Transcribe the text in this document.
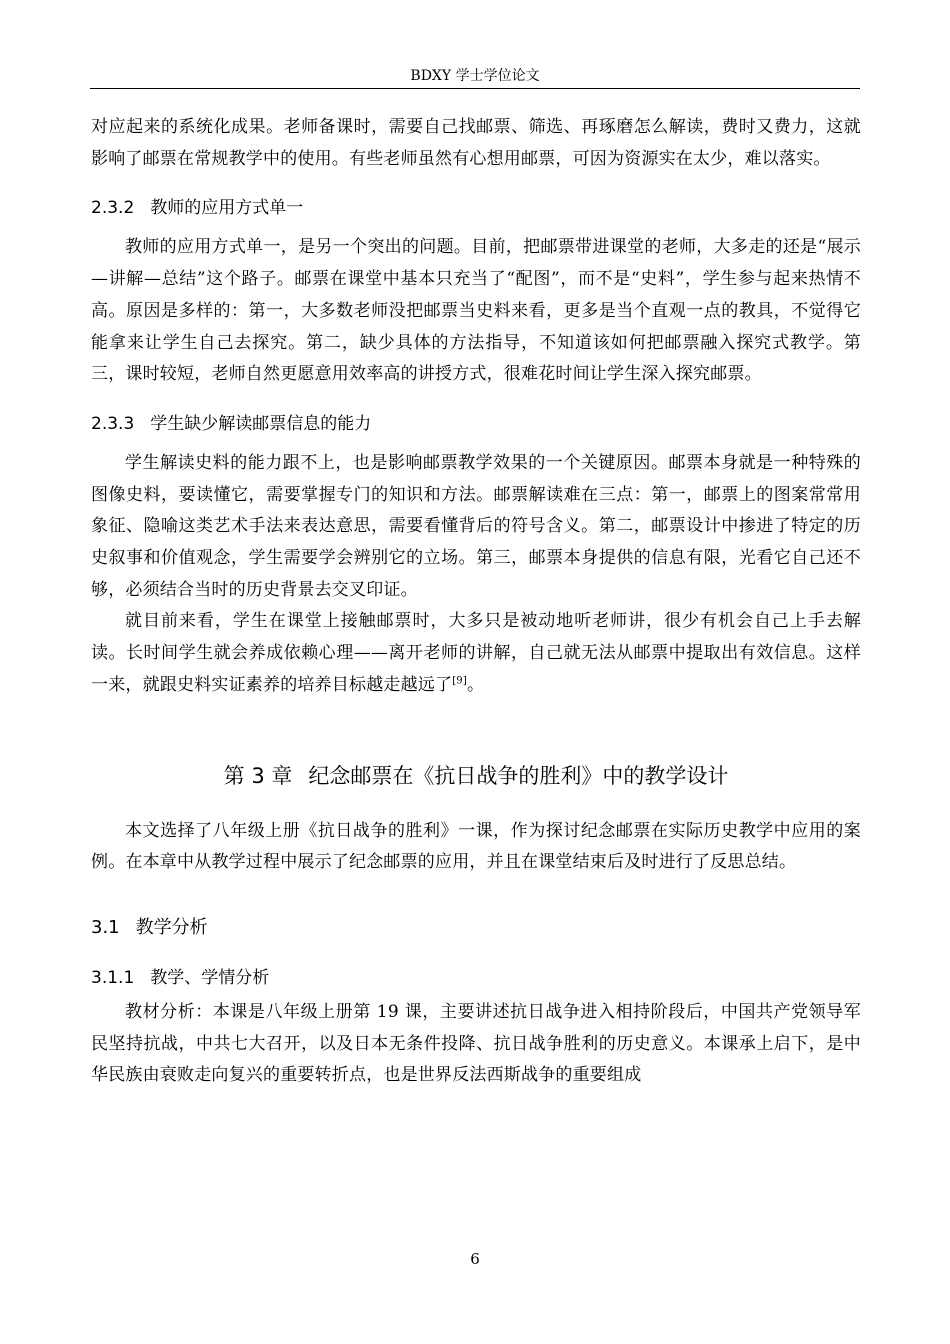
BDXY 学士学位论文

对应起来的系统化成果。老师备课时，需要自己找邮票、筛选、再琢磨怎么解读，费时又费力，这就影响了邮票在常规教学中的使用。有些老师虽然有心想用邮票，可因为资源实在太少，难以落实。

2.3.2 教师的应用方式单一

教师的应用方式单一，是另一个突出的问题。目前，把邮票带进课堂的老师，大多走的还是“展示—讲解—总结”这个路子。邮票在课堂中基本只充当了“配图”，而不是“史料”，学生参与起来热情不高。原因是多样的：第一，大多数老师没把邮票当史料来看，更多是当个直观一点的教具，不觉得它能拿来让学生自己去探究。第二，缺少具体的方法指导，不知道该如何把邮票融入探究式教学。第三，课时较短，老师自然更愿意用效率高的讲授方式，很难花时间让学生深入探究邮票。

2.3.3 学生缺少解读邮票信息的能力

学生解读史料的能力跟不上，也是影响邮票教学效果的一个关键原因。邮票本身就是一种特殊的图像史料，要读懂它，需要掌握专门的知识和方法。邮票解读难在三点：第一，邮票上的图案常常用象征、隐喻这类艺术手法来表达意思，需要看懂背后的符号含义。第二，邮票设计中掺进了特定的历史叙事和价值观念，学生需要学会辨别它的立场。第三，邮票本身提供的信息有限，光看它自己还不够，必须结合当时的历史背景去交叉印证。

就目前来看，学生在课堂上接触邮票时，大多只是被动地听老师讲，很少有机会自己上手去解读。长时间学生就会养成依赖心理——离开老师的讲解，自己就无法从邮票中提取出有效信息。这样一来，就跟史料实证素养的培养目标越走越远了[9]。

第 3 章 纪念邮票在《抗日战争的胜利》中的教学设计

本文选择了八年级上册《抗日战争的胜利》一课，作为探讨纪念邮票在实际历史教学中应用的案例。在本章中从教学过程中展示了纪念邮票的应用，并且在课堂结束后及时进行了反思总结。

3.1 教学分析
3.1.1 教学、学情分析

教材分析：本课是八年级上册第 19 课，主要讲述抗日战争进入相持阶段后，中国共产党领导军民坚持抗战，中共七大召开，以及日本无条件投降、抗日战争胜利的历史意义。本课承上启下，是中华民族由衰败走向复兴的重要转折点，也是世界反法西斯战争的重要组成

6
